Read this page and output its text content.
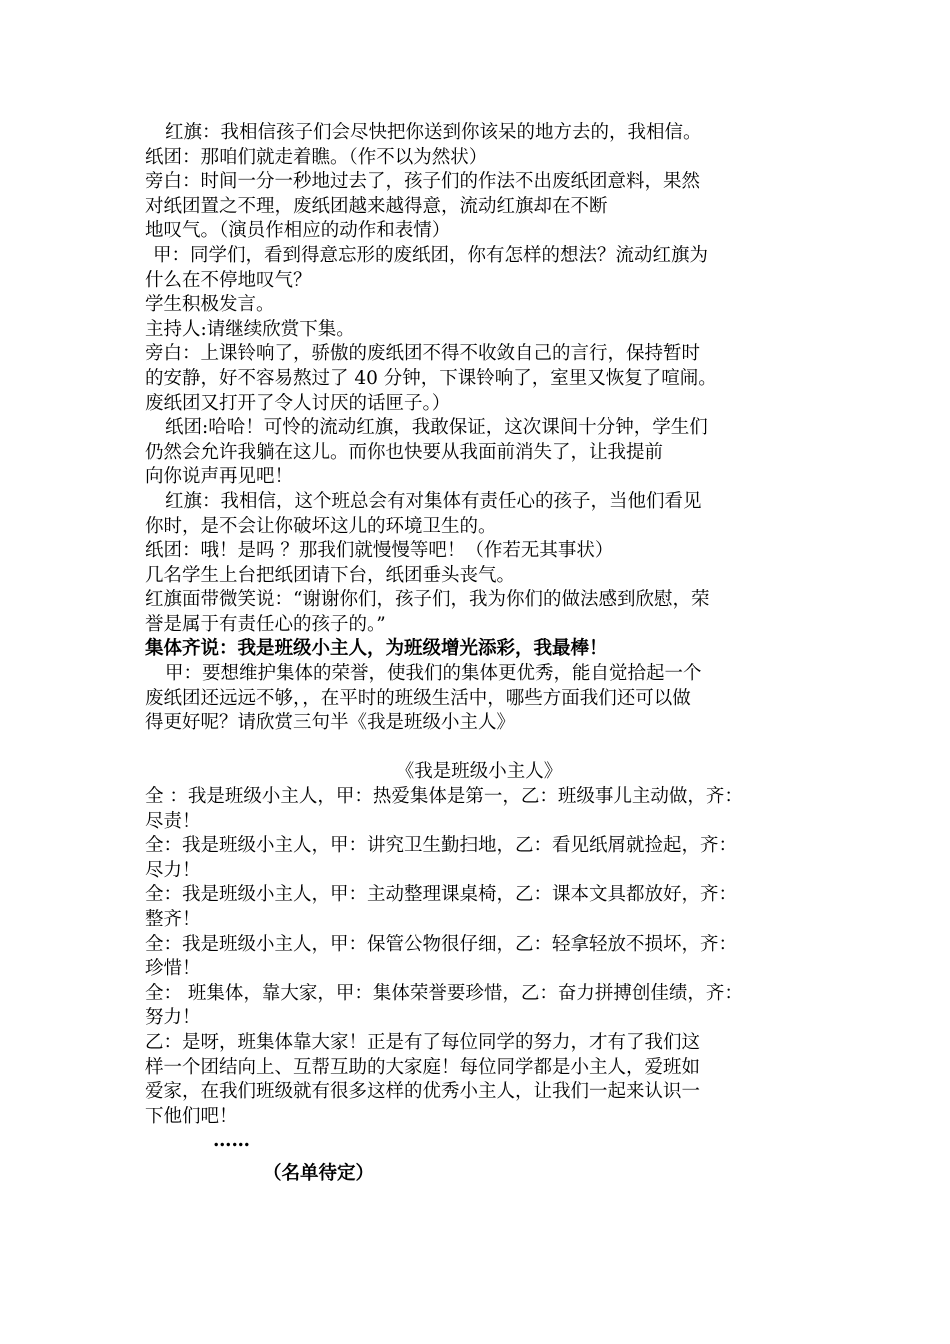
红旗：我相信孩子们会尽快把你送到你该呆的地方去的，我相信。
纸团：那咱们就走着瞧。（作不以为然状）
旁白：时间一分一秒地过去了，孩子们的作法不出废纸团意料，果然
对纸团置之不理，废纸团越来越得意，流动红旗却在不断
地叹气。（演员作相应的动作和表情）
甲：同学们，看到得意忘形的废纸团，你有怎样的想法？流动红旗为
什么在不停地叹气？
学生积极发言。
主持人:请继续欣赏下集。
旁白：上课铃响了，骄傲的废纸团不得不收敛自己的言行，保持暂时
的安静，好不容易熬过了 40 分钟，下课铃响了，室里又恢复了喧闹。
废纸团又打开了令人讨厌的话匣子。）
纸团:哈哈！可怜的流动红旗，我敢保证，这次课间十分钟，学生们
仍然会允许我躺在这儿。而你也快要从我面前消失了，让我提前
向你说声再见吧！
红旗：我相信，这个班总会有对集体有责任心的孩子，当他们看见
你时，是不会让你破坏这儿的环境卫生的。
纸团：哦！是吗 ？那我们就慢慢等吧！（作若无其事状）
几名学生上台把纸团请下台，纸团垂头丧气。
红旗面带微笑说：“谢谢你们，孩子们，我为你们的做法感到欣慰，荣
誉是属于有责任心的孩子的。”
集体齐说：我是班级小主人，为班级增光添彩，我最棒！
甲：要想维护集体的荣誉，使我们的集体更优秀，能自觉拾起一个
废纸团还远远不够，，在平时的班级生活中，哪些方面我们还可以做
得更好呢？请欣赏三句半《我是班级小主人》
《我是班级小主人》
全 ：我是班级小主人，甲：热爱集体是第一，乙：班级事儿主动做，齐：
尽责！
全：我是班级小主人，甲：讲究卫生勤扫地，乙：看见纸屑就捡起，齐：
尽力！
全：我是班级小主人，甲：主动整理课桌椅，乙：课本文具都放好，齐：
整齐！
全：我是班级小主人，甲：保管公物很仔细，乙：轻拿轻放不损坏，齐：
珍惜！
全： 班集体，靠大家，甲：集体荣誉要珍惜，乙：奋力拼搏创佳绩，齐：
努力！
乙：是呀，班集体靠大家！正是有了每位同学的努力，才有了我们这
样一个团结向上、互帮互助的大家庭！每位同学都是小主人，爱班如
爱家，在我们班级就有很多这样的优秀小主人，让我们一起来认识一
下他们吧！
……
（名单待定）
